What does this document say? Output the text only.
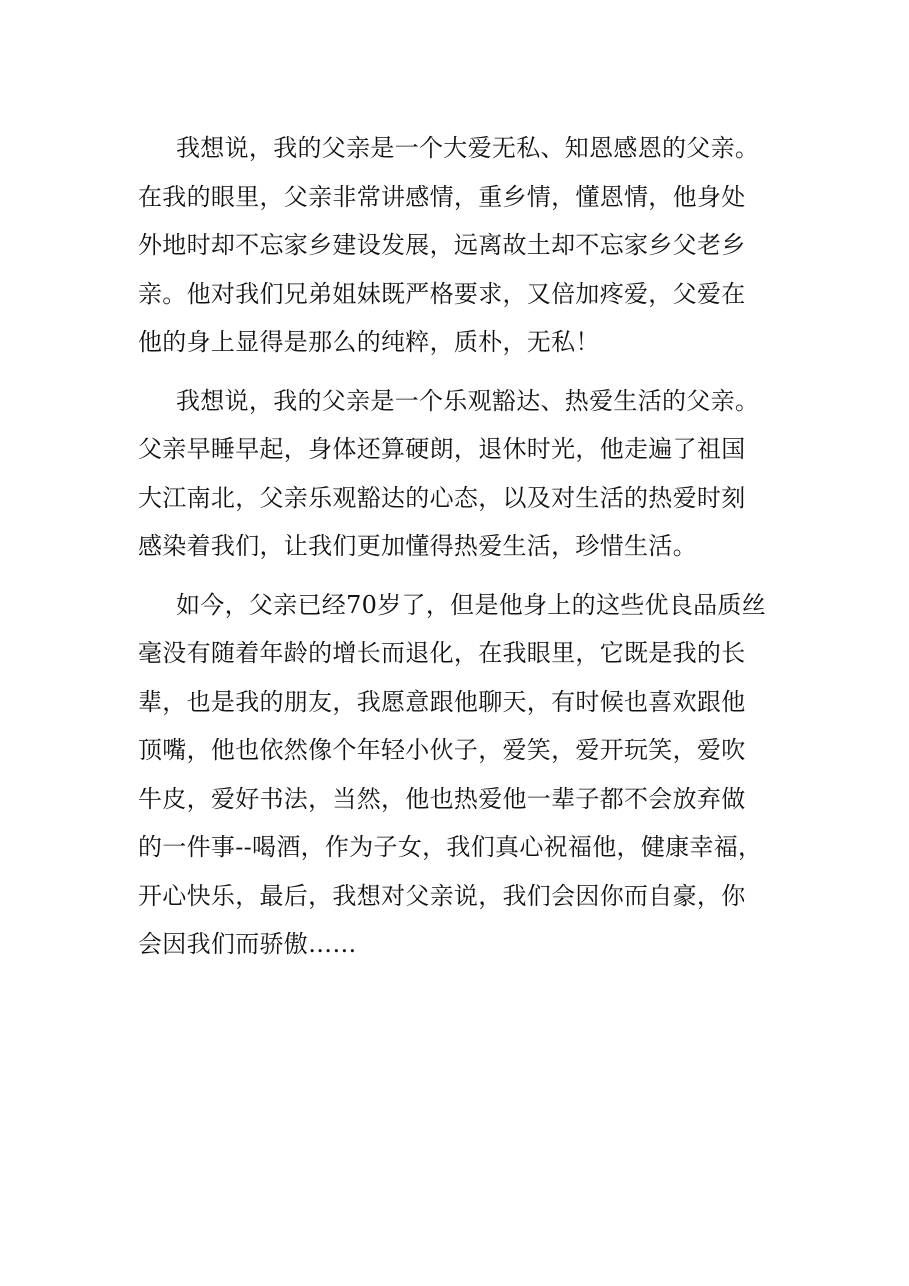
我想说，我的父亲是一个大爱无私、知恩感恩的父亲。
在我的眼里，父亲非常讲感情，重乡情，懂恩情，他身处
外地时却不忘家乡建设发展，远离故土却不忘家乡父老乡
亲。他对我们兄弟姐妹既严格要求，又倍加疼爱，父爱在
他的身上显得是那么的纯粹，质朴，无私！
我想说，我的父亲是一个乐观豁达、热爱生活的父亲。
父亲早睡早起，身体还算硬朗，退休时光，他走遍了祖国
大江南北，父亲乐观豁达的心态，以及对生活的热爱时刻
感染着我们，让我们更加懂得热爱生活，珍惜生活。
如今，父亲已经70岁了，但是他身上的这些优良品质丝
毫没有随着年龄的增长而退化，在我眼里，它既是我的长
辈，也是我的朋友，我愿意跟他聊天，有时候也喜欢跟他
顶嘴，他也依然像个年轻小伙子，爱笑，爱开玩笑，爱吹
牛皮，爱好书法，当然，他也热爱他一辈子都不会放弃做
的一件事--喝酒，作为子女，我们真心祝福他，健康幸福，
开心快乐，最后，我想对父亲说，我们会因你而自豪，你
会因我们而骄傲……
